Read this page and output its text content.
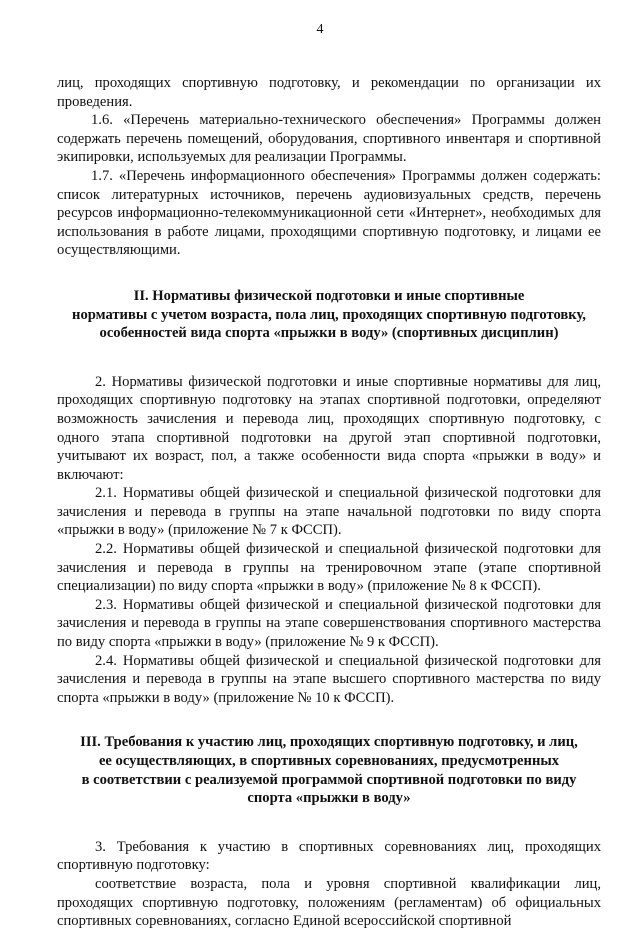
4

лиц, проходящих спортивную подготовку, и рекомендации по организации их проведения.

1.6. «Перечень материально-технического обеспечения» Программы должен содержать перечень помещений, оборудования, спортивного инвентаря и спортивной экипировки, используемых для реализации Программы.

1.7. «Перечень информационного обеспечения» Программы должен содержать: список литературных источников, перечень аудиовизуальных средств, перечень ресурсов информационно-телекоммуникационной сети «Интернет», необходимых для использования в работе лицами, проходящими спортивную подготовку, и лицами ее осуществляющими.

II. Нормативы физической подготовки и иные спортивные
нормативы с учетом возраста, пола лиц, проходящих спортивную подготовку,
особенностей вида спорта «прыжки в воду» (спортивных дисциплин)

2. Нормативы физической подготовки и иные спортивные нормативы для лиц, проходящих спортивную подготовку на этапах спортивной подготовки, определяют возможность зачисления и перевода лиц, проходящих спортивную подготовку, с одного этапа спортивной подготовки на другой этап спортивной подготовки, учитывают их возраст, пол, а также особенности вида спорта «прыжки в воду» и включают:

2.1. Нормативы общей физической и специальной физической подготовки для зачисления и перевода в группы на этапе начальной подготовки по виду спорта «прыжки в воду» (приложение № 7 к ФССП).

2.2. Нормативы общей физической и специальной физической подготовки для зачисления и перевода в группы на тренировочном этапе (этапе спортивной специализации) по виду спорта «прыжки в воду» (приложение № 8 к ФССП).

2.3. Нормативы общей физической и специальной физической подготовки для зачисления и перевода в группы на этапе совершенствования спортивного мастерства по виду спорта «прыжки в воду» (приложение № 9 к ФССП).

2.4. Нормативы общей физической и специальной физической подготовки для зачисления и перевода в группы на этапе высшего спортивного мастерства по виду спорта «прыжки в воду» (приложение № 10 к ФССП).

III. Требования к участию лиц, проходящих спортивную подготовку, и лиц,
ее осуществляющих, в спортивных соревнованиях, предусмотренных
в соответствии с реализуемой программой спортивной подготовки по виду
спорта «прыжки в воду»

3. Требования к участию в спортивных соревнованиях лиц, проходящих спортивную подготовку:

соответствие возраста, пола и уровня спортивной квалификации лиц, проходящих спортивную подготовку, положениям (регламентам) об официальных спортивных соревнованиях, согласно Единой всероссийской спортивной
